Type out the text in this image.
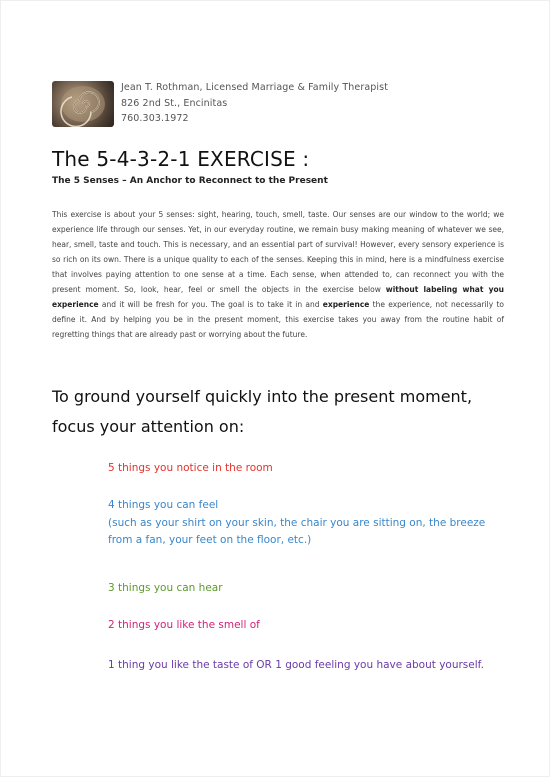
Jean T. Rothman, Licensed Marriage & Family Therapist
826 2nd St., Encinitas
760.303.1972
The 5-4-3-2-1 EXERCISE :
The 5 Senses – An Anchor to Reconnect to the Present

This exercise is about your 5 senses: sight, hearing, touch, smell, taste. Our senses are our window to the world; we experience life through our senses. Yet, in our everyday routine, we remain busy making meaning of whatever we see, hear, smell, taste and touch. This is necessary, and an essential part of survival! However, every sensory experience is so rich on its own. There is a unique quality to each of the senses. Keeping this in mind, here is a mindfulness exercise that involves paying attention to one sense at a time. Each sense, when attended to, can reconnect you with the present moment. So, look, hear, feel or smell the objects in the exercise below without labeling what you experience and it will be fresh for you. The goal is to take it in and experience the experience, not necessarily to define it. And by helping you be in the present moment, this exercise takes you away from the routine habit of regretting things that are already past or worrying about the future.

To ground yourself quickly into the present moment, focus your attention on:
5 things you notice in the room
4 things you can feel
(such as your shirt on your skin, the chair you are sitting on, the breeze from a fan, your feet on the floor, etc.)
3 things you can hear
2 things you like the smell of
1 thing you like the taste of OR 1 good feeling you have about yourself.
